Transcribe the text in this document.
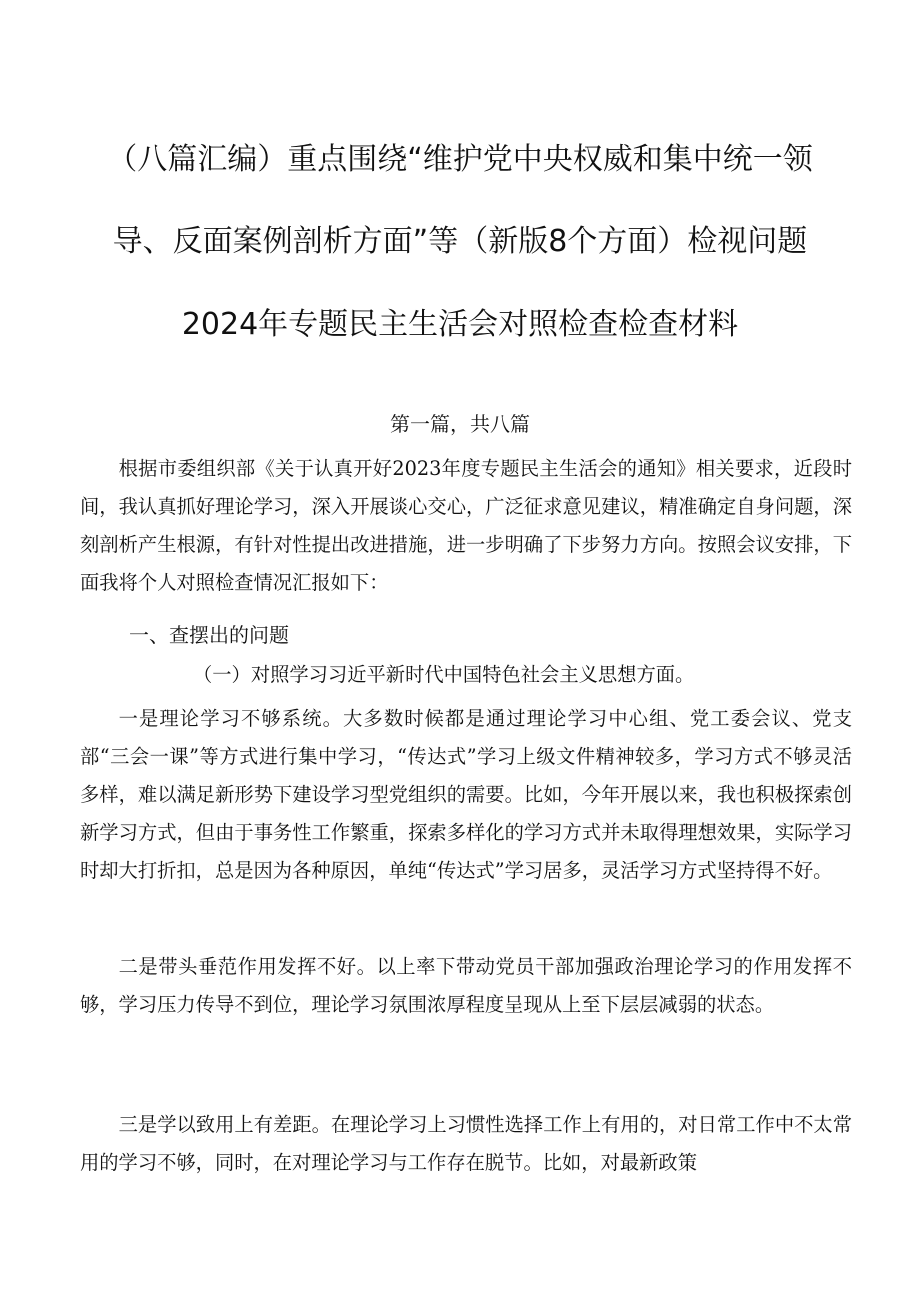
（八篇汇编）重点围绕“维护党中央权威和集中统一领
导、反面案例剖析方面”等（新版8个方面）检视问题
2024年专题民主生活会对照检查检查材料
第一篇，共八篇

根据市委组织部《关于认真开好2023年度专题民主生活会的通知》相关要求，近段时间，我认真抓好理论学习，深入开展谈心交心，广泛征求意见建议，精准确定自身问题，深刻剖析产生根源，有针对性提出改进措施，进一步明确了下步努力方向。按照会议安排，下面我将个人对照检查情况汇报如下：

一、查摆出的问题
（一）对照学习习近平新时代中国特色社会主义思想方面。

一是理论学习不够系统。大多数时候都是通过理论学习中心组、党工委会议、党支部“三会一课”等方式进行集中学习，“传达式”学习上级文件精神较多，学习方式不够灵活多样，难以满足新形势下建设学习型党组织的需要。比如，今年开展以来，我也积极探索创新学习方式，但由于事务性工作繁重，探索多样化的学习方式并未取得理想效果，实际学习时却大打折扣，总是因为各种原因，单纯“传达式”学习居多，灵活学习方式坚持得不好。

二是带头垂范作用发挥不好。以上率下带动党员干部加强政治理论学习的作用发挥不够，学习压力传导不到位，理论学习氛围浓厚程度呈现从上至下层层减弱的状态。

三是学以致用上有差距。在理论学习上习惯性选择工作上有用的，对日常工作中不太常用的学习不够，同时，在对理论学习与工作存在脱节。比如，对最新政策
